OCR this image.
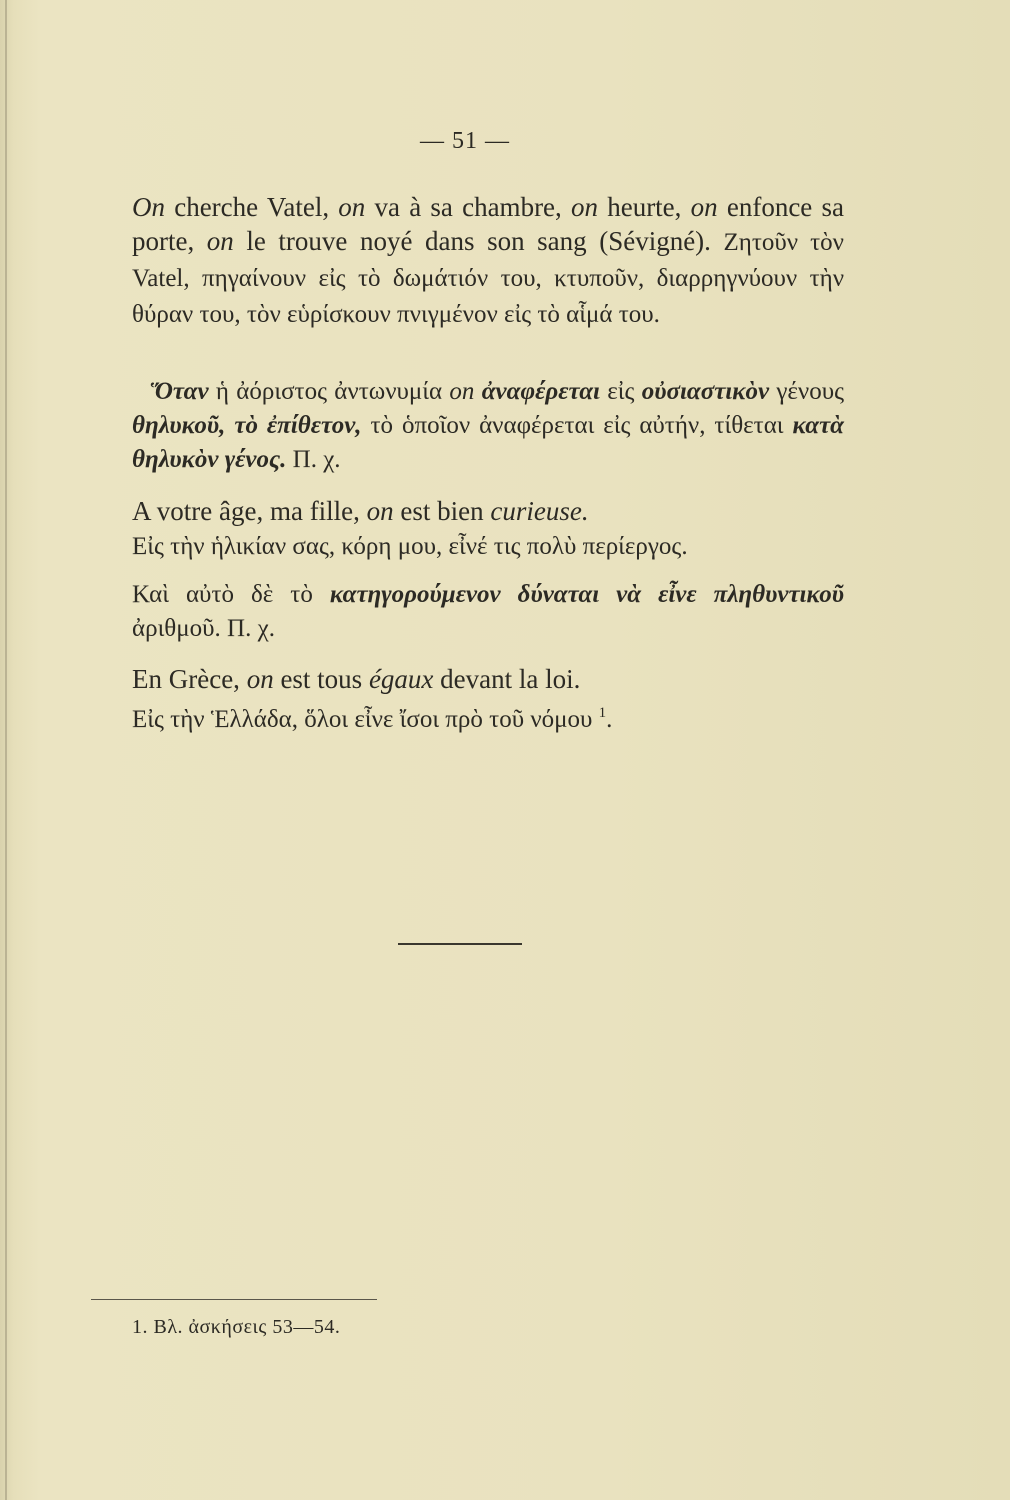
— 51 —

On cherche Vatel, on va à sa chambre, on heurte, on enfonce sa porte, on le trouve noyé dans son sang (Sévigné). Ζητοῦν τὸν Vatel, πηγαίνουν εἰς τὸ δωμάτιόν του, κτυποῦν, διαρρηγνύουν τὴν θύραν του, τὸν εὑρίσκουν πνιγμένον εἰς τὸ αἷμά του.

Ὅταν ἡ ἀόριστος ἀντωνυμία on ἀναφέρεται εἰς οὐσιαστικὸν γένους θηλυκοῦ, τὸ ἐπίθετον, τὸ ὁποῖον ἀναφέρεται εἰς αὐτήν, τίθεται κατὰ θηλυκὸν γένος. Π. χ.

A votre âge, ma fille, on est bien curieuse.

Εἰς τὴν ἡλικίαν σας, κόρη μου, εἶνέ τις πολὺ περίεργος.

Καὶ αὐτὸ δὲ τὸ κατηγορούμενον δύναται νὰ εἶνε πληθυντικοῦ ἀριθμοῦ. Π. χ.

En Grèce, on est tous égaux devant la loi.

Εἰς τὴν Ἑλλάδα, ὅλοι εἶνε ἴσοι πρὸ τοῦ νόμου $^1$.

1. Βλ. ἀσκήσεις 53—54.
